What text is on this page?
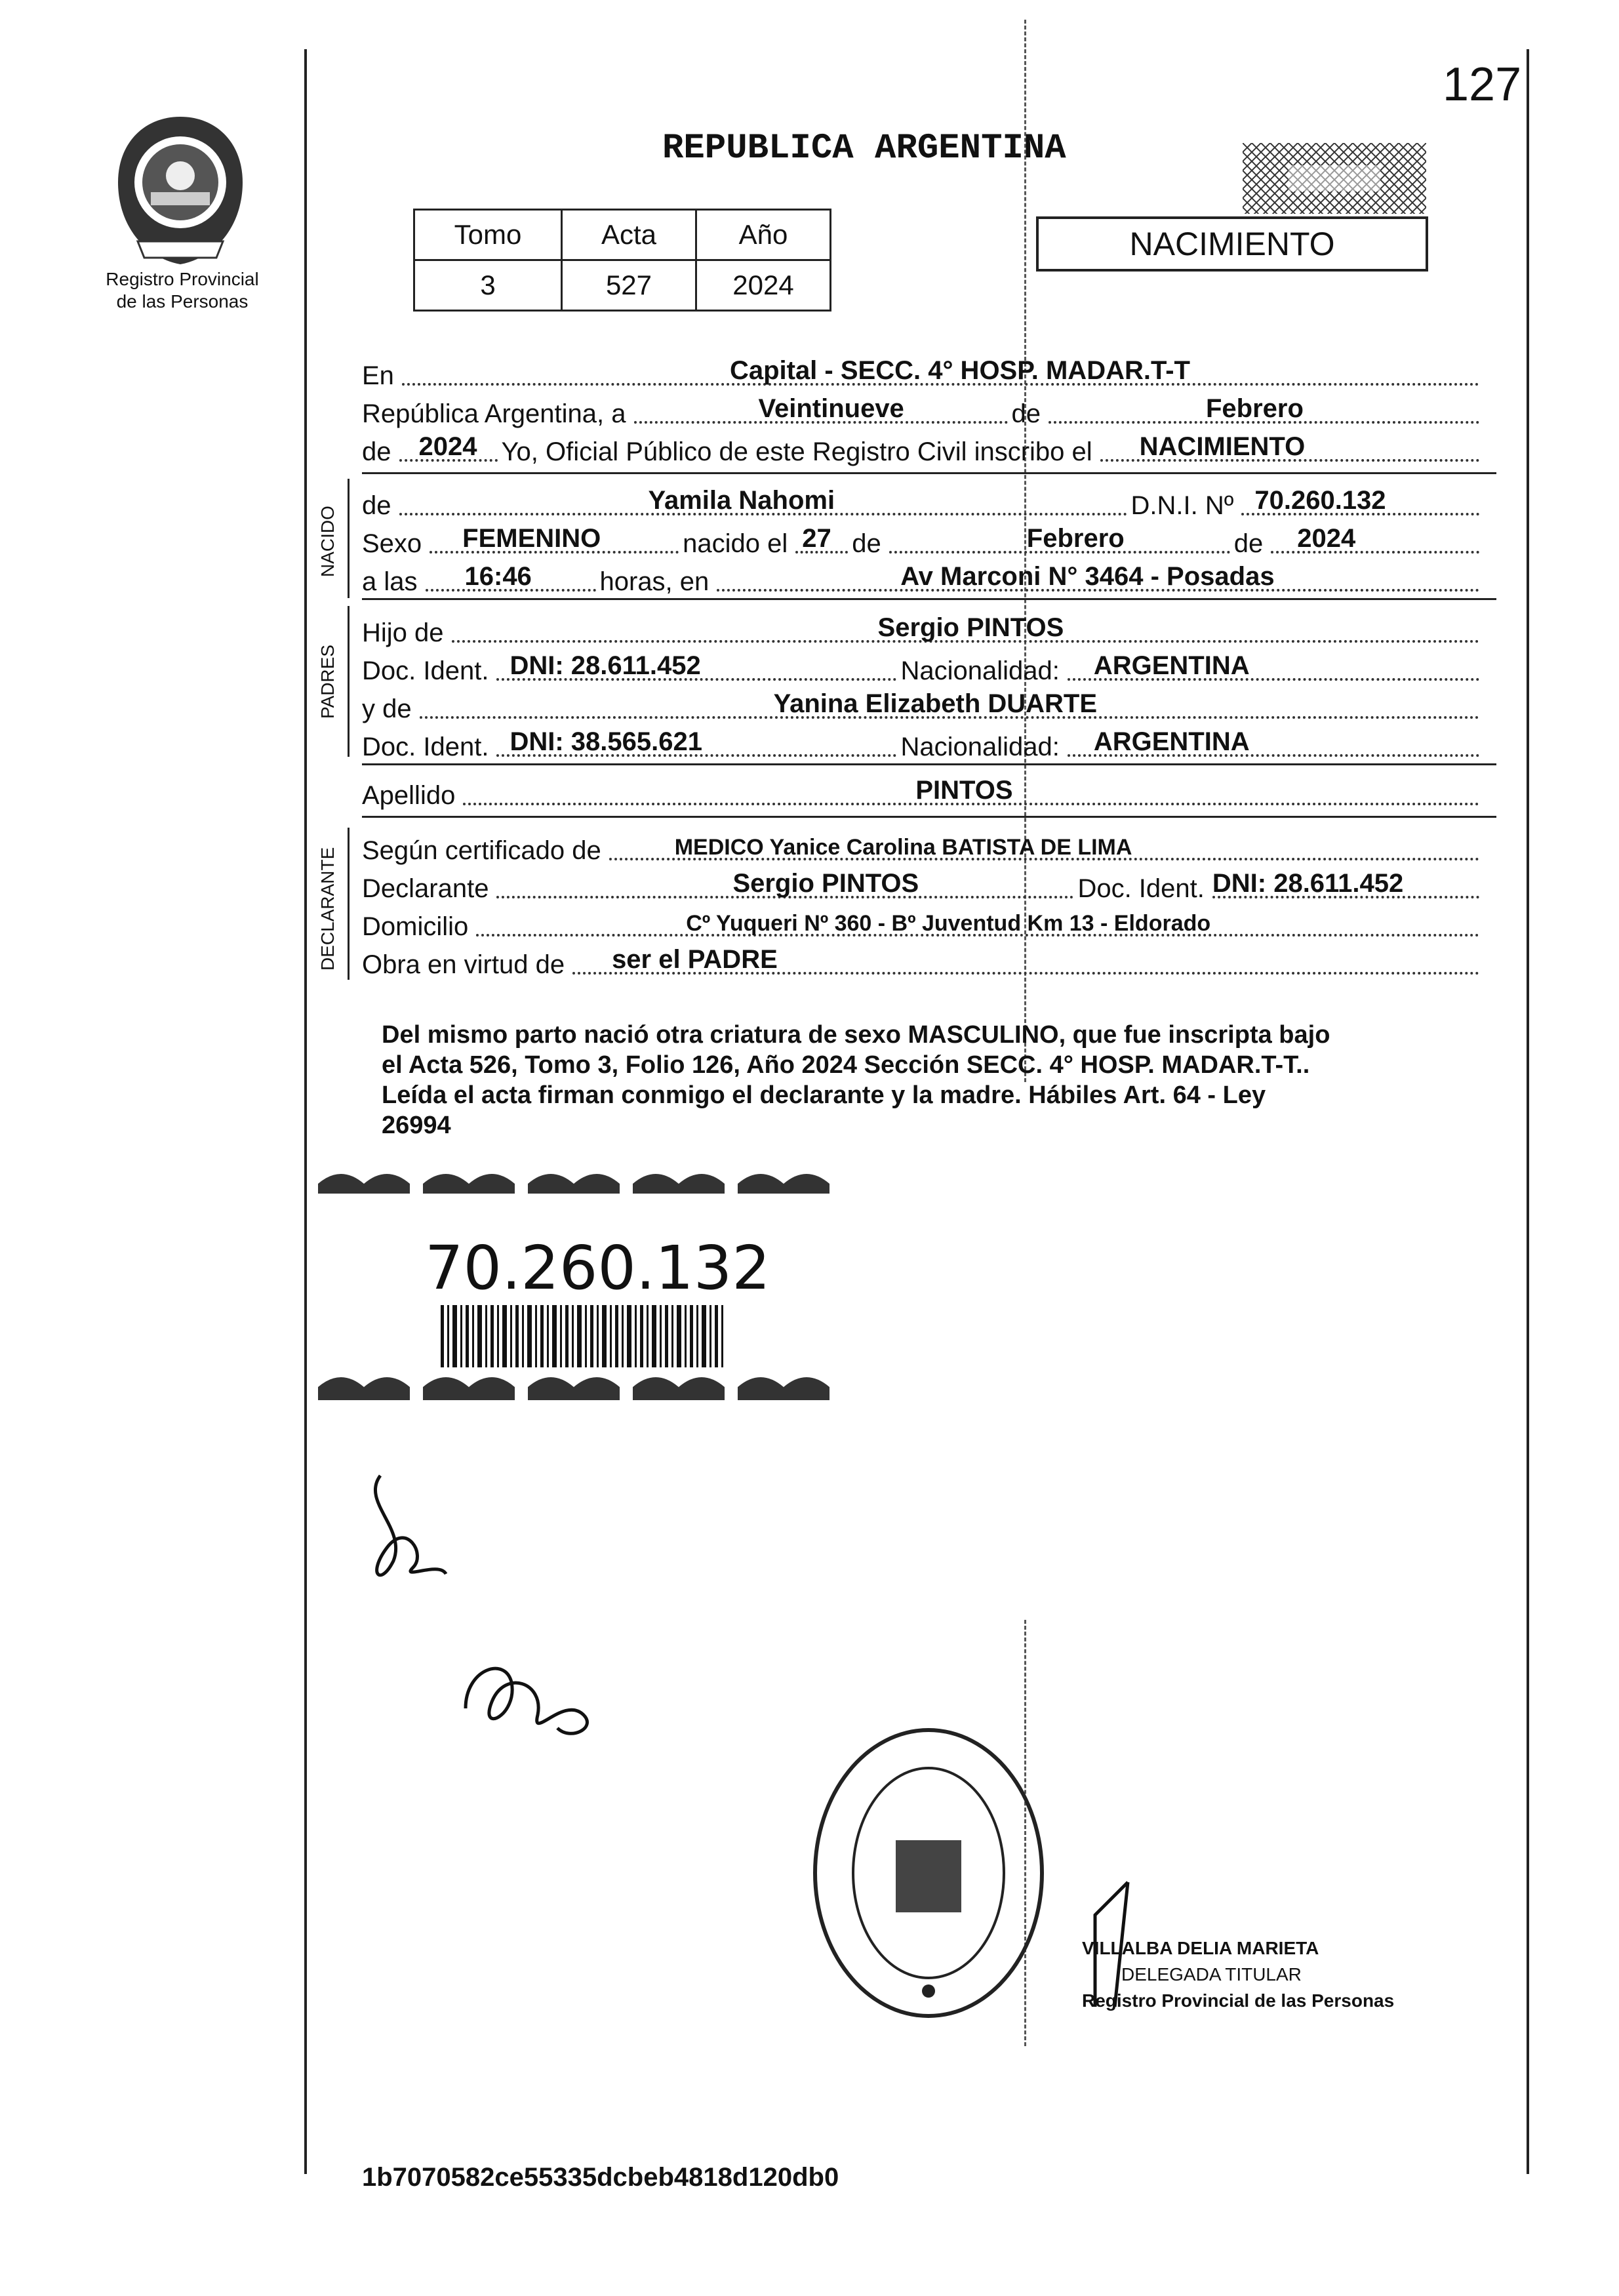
127
Registro Provincial
de las Personas
REPUBLICA ARGENTINA
Tomo	Acta	Año
3	527	2024
NACIMIENTO
En	Capital - SECC. 4° HOSP. MADAR.T-T
República Argentina, a	Veintinueve	de	Febrero
de 2024 Yo, Oficial Público de este Registro Civil inscribo el NACIMIENTO
NACIDO
de	Yamila Nahomi	D.N.I. Nº 70.260.132
Sexo FEMENINO	nacido el 27 de	Febrero	de 2024
a las 16:46	horas, en	Av Marconi N° 3464 - Posadas
PADRES
Hijo de	Sergio PINTOS
Doc. Ident. DNI: 28.611.452	Nacionalidad: ARGENTINA
y de	Yanina Elizabeth DUARTE
Doc. Ident. DNI: 38.565.621	Nacionalidad: ARGENTINA
Apellido	PINTOS
DECLARANTE Según certificado de	MEDICO Yanice Carolina BATISTA DE LIMA
Declarante	Sergio PINTOS	Doc. Ident. DNI: 28.611.452
Domicilio	Cº Yuqueri Nº 360 - Bº Juventud Km 13 - Eldorado
Obra en virtud de ser el PADRE
Del mismo parto nació otra criatura de sexo MASCULINO, que fue inscripta bajo
el Acta 526, Tomo 3, Folio 126, Año 2024 Sección SECC. 4° HOSP. MADAR.T-T..
Leída el acta firman conmigo el declarante y la madre. Hábiles Art. 64 - Ley
26994
70.260.132
VILLALBA DELIA MARIETA
DELEGADA TITULAR
Registro Provincial de las Personas
1b7070582ce55335dcbeb4818d120db0
